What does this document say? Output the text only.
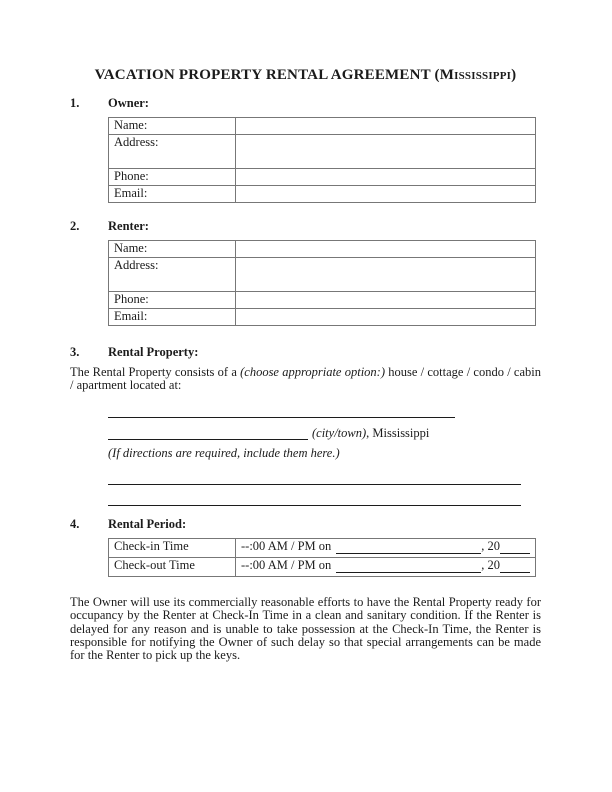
VACATION PROPERTY RENTAL AGREEMENT (Mississippi)
1.	Owner:
Name:	
Address:	
Phone:	
Email:	
2.	Renter:
Name:	
Address:	
Phone:	
Email:	
3.	Rental Property:

The Rental Property consists of a (choose appropriate option:) house / cottage / condo / cabin / apartment located at:

(city/town), Mississippi
(If directions are required, include them here.)
4.	Rental Period:
Check-in Time	--:00 AM / PM on , 20

Check-out Time	--:00 AM / PM on , 20

The Owner will use its commercially reasonable efforts to have the Rental Property ready for occupancy by the Renter at Check-In Time in a clean and sanitary condition. If the Renter is delayed for any reason and is unable to take possession at the Check-In Time, the Renter is responsible for notifying the Owner of such delay so that special arrangements can be made for the Renter to pick up the keys.
